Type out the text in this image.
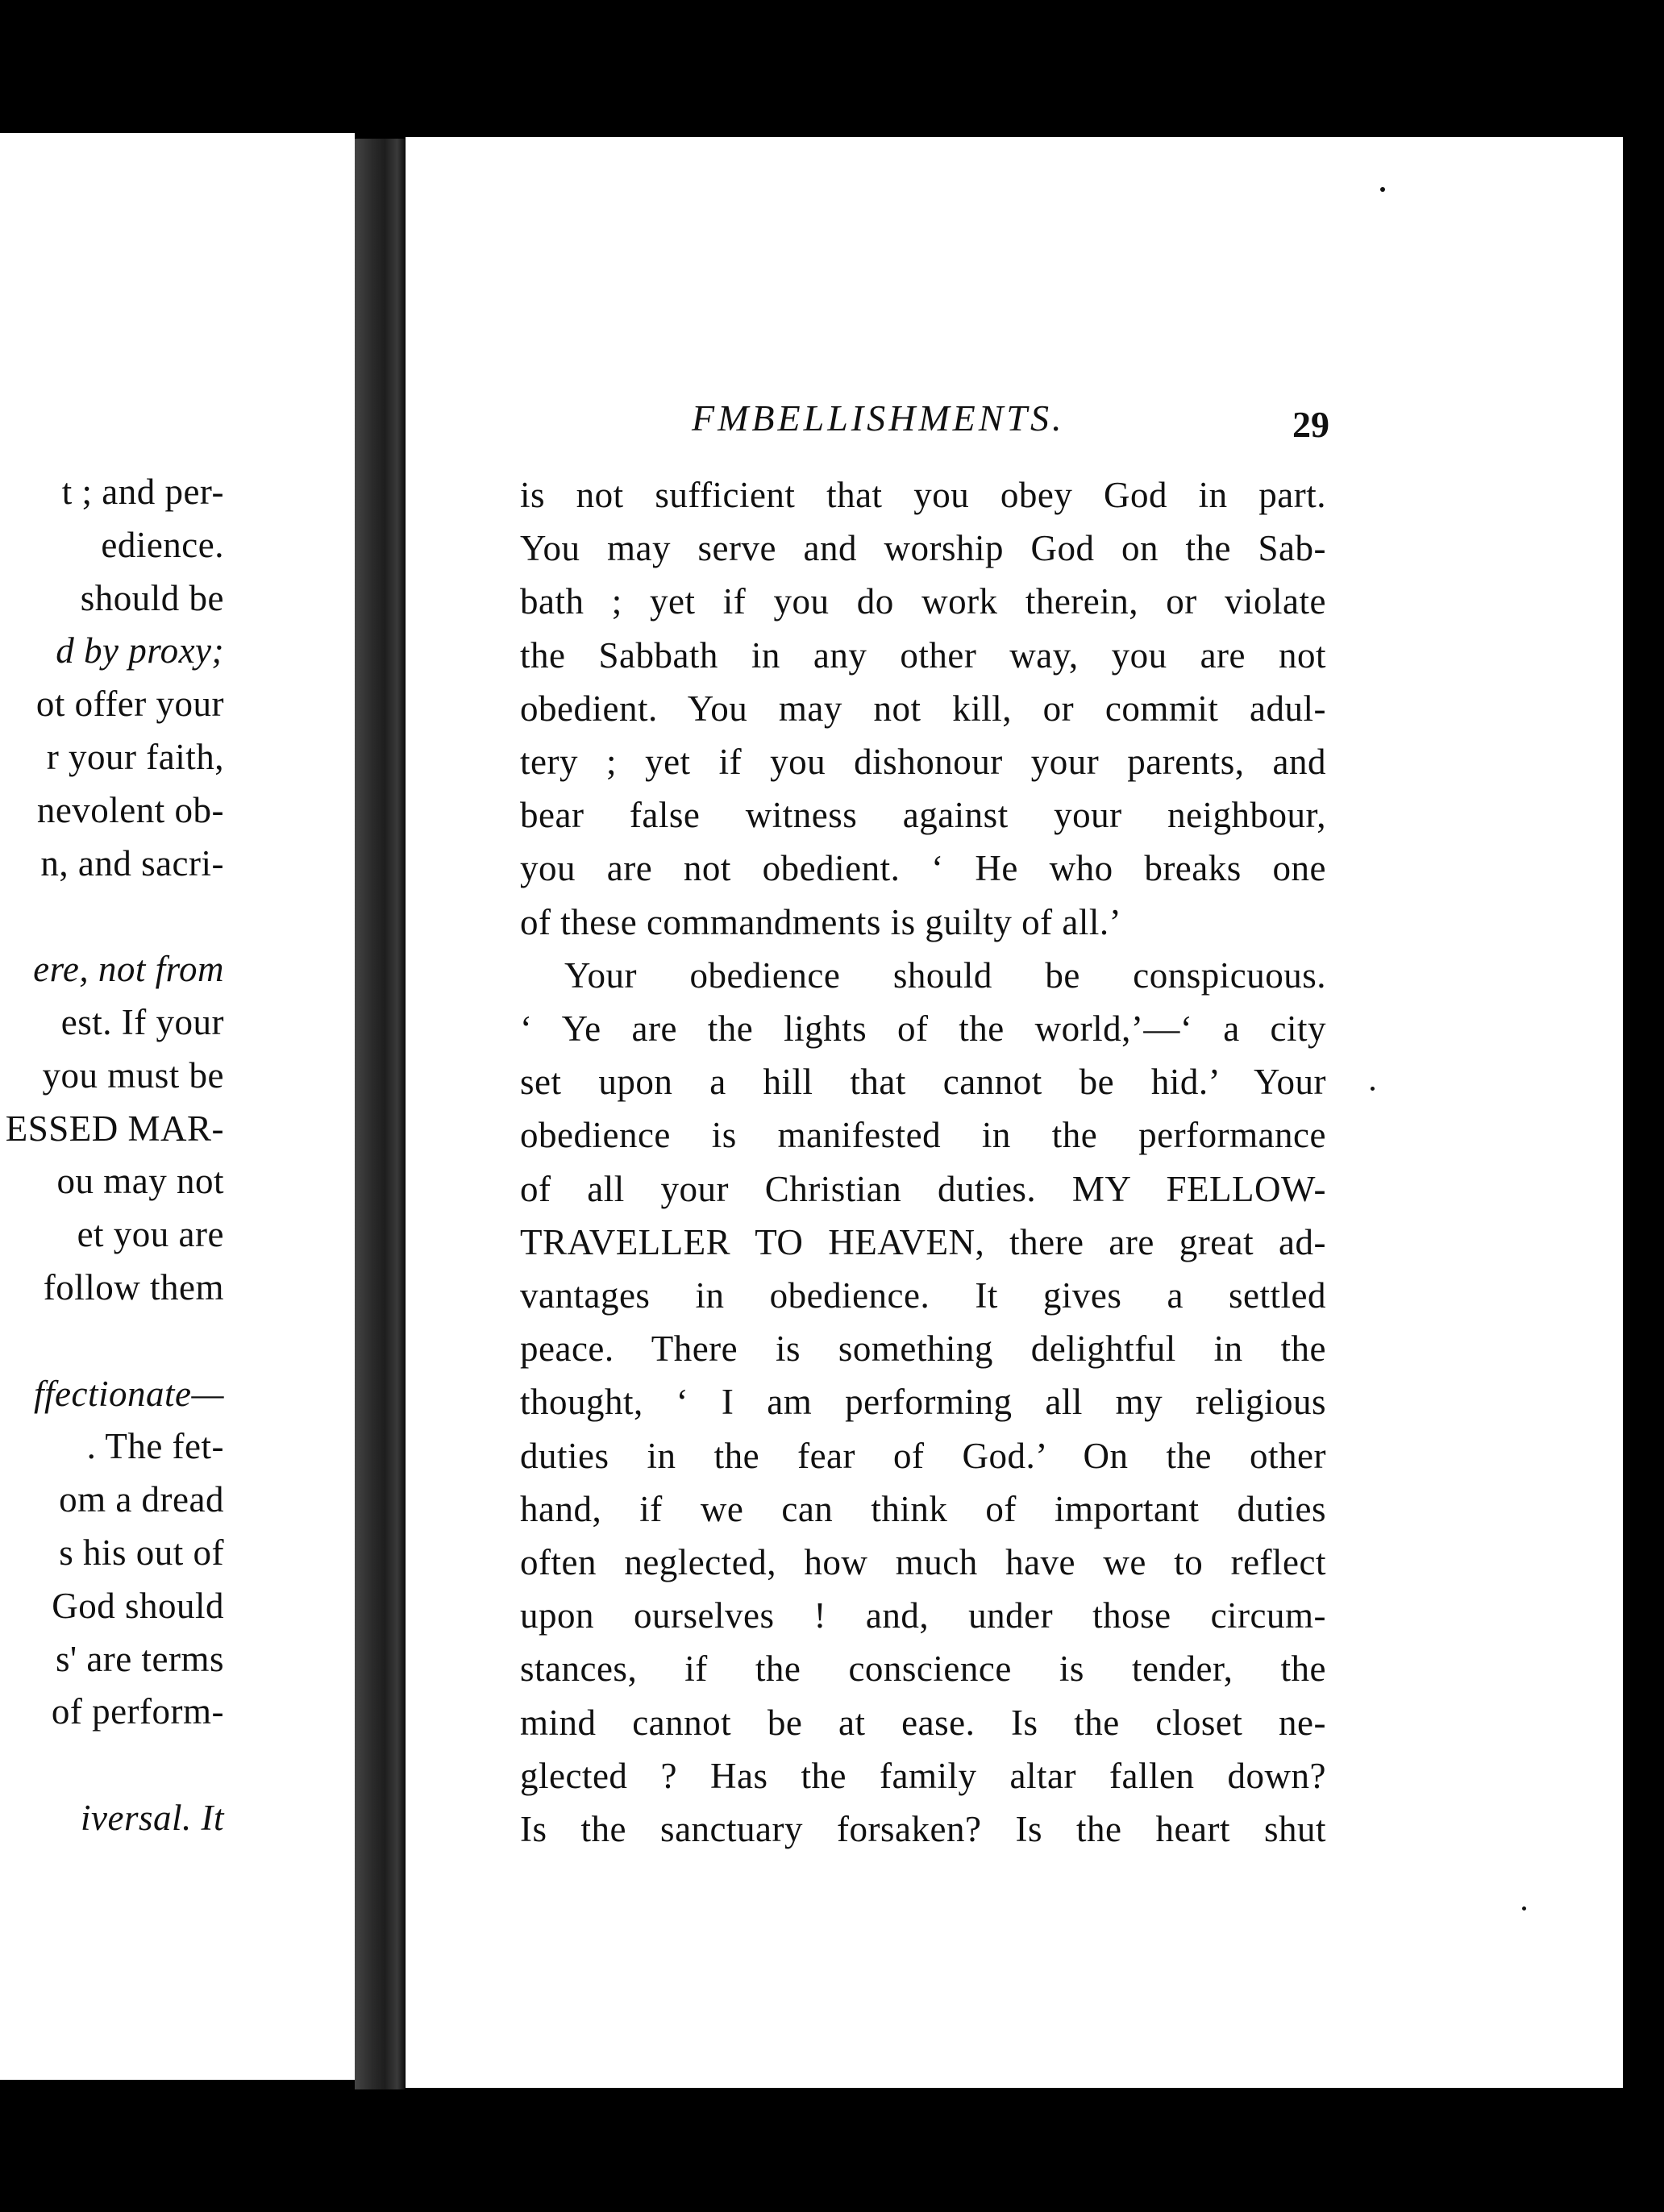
FMBELLISHMENTS.	29
t ; and per-
edience.
should be
d by proxy;
ot offer your
r your faith,
nevolent ob-
n, and sacri-
ere, not from
est. If your
you must be
ESSED MAR-
ou may not
et you are
follow them
ffectionate—
. The fet-
om a dread
s his out of
God should
s' are terms
of perform-
iversal. It
is not sufficient that you obey God in part.
You may serve and worship God on the Sab-
bath ; yet if you do work therein, or violate
the Sabbath in any other way, you are not
obedient. You may not kill, or commit adul-
tery ; yet if you dishonour your parents, and
bear false witness against your neighbour,
you are not obedient. ‘ He who breaks one
of these commandments is guilty of all.’
Your obedience should be conspicuous.
‘ Ye are the lights of the world,’—‘ a city
set upon a hill that cannot be hid.’ Your
obedience is manifested in the performance
of all your Christian duties. MY FELLOW-
TRAVELLER TO HEAVEN, there are great ad-
vantages in obedience. It gives a settled
peace. There is something delightful in the
thought, ‘ I am performing all my religious
duties in the fear of God.’ On the other
hand, if we can think of important duties
often neglected, how much have we to reflect
upon ourselves ! and, under those circum-
stances, if the conscience is tender, the
mind cannot be at ease. Is the closet ne-
glected ? Has the family altar fallen down?
Is the sanctuary forsaken? Is the heart shut
